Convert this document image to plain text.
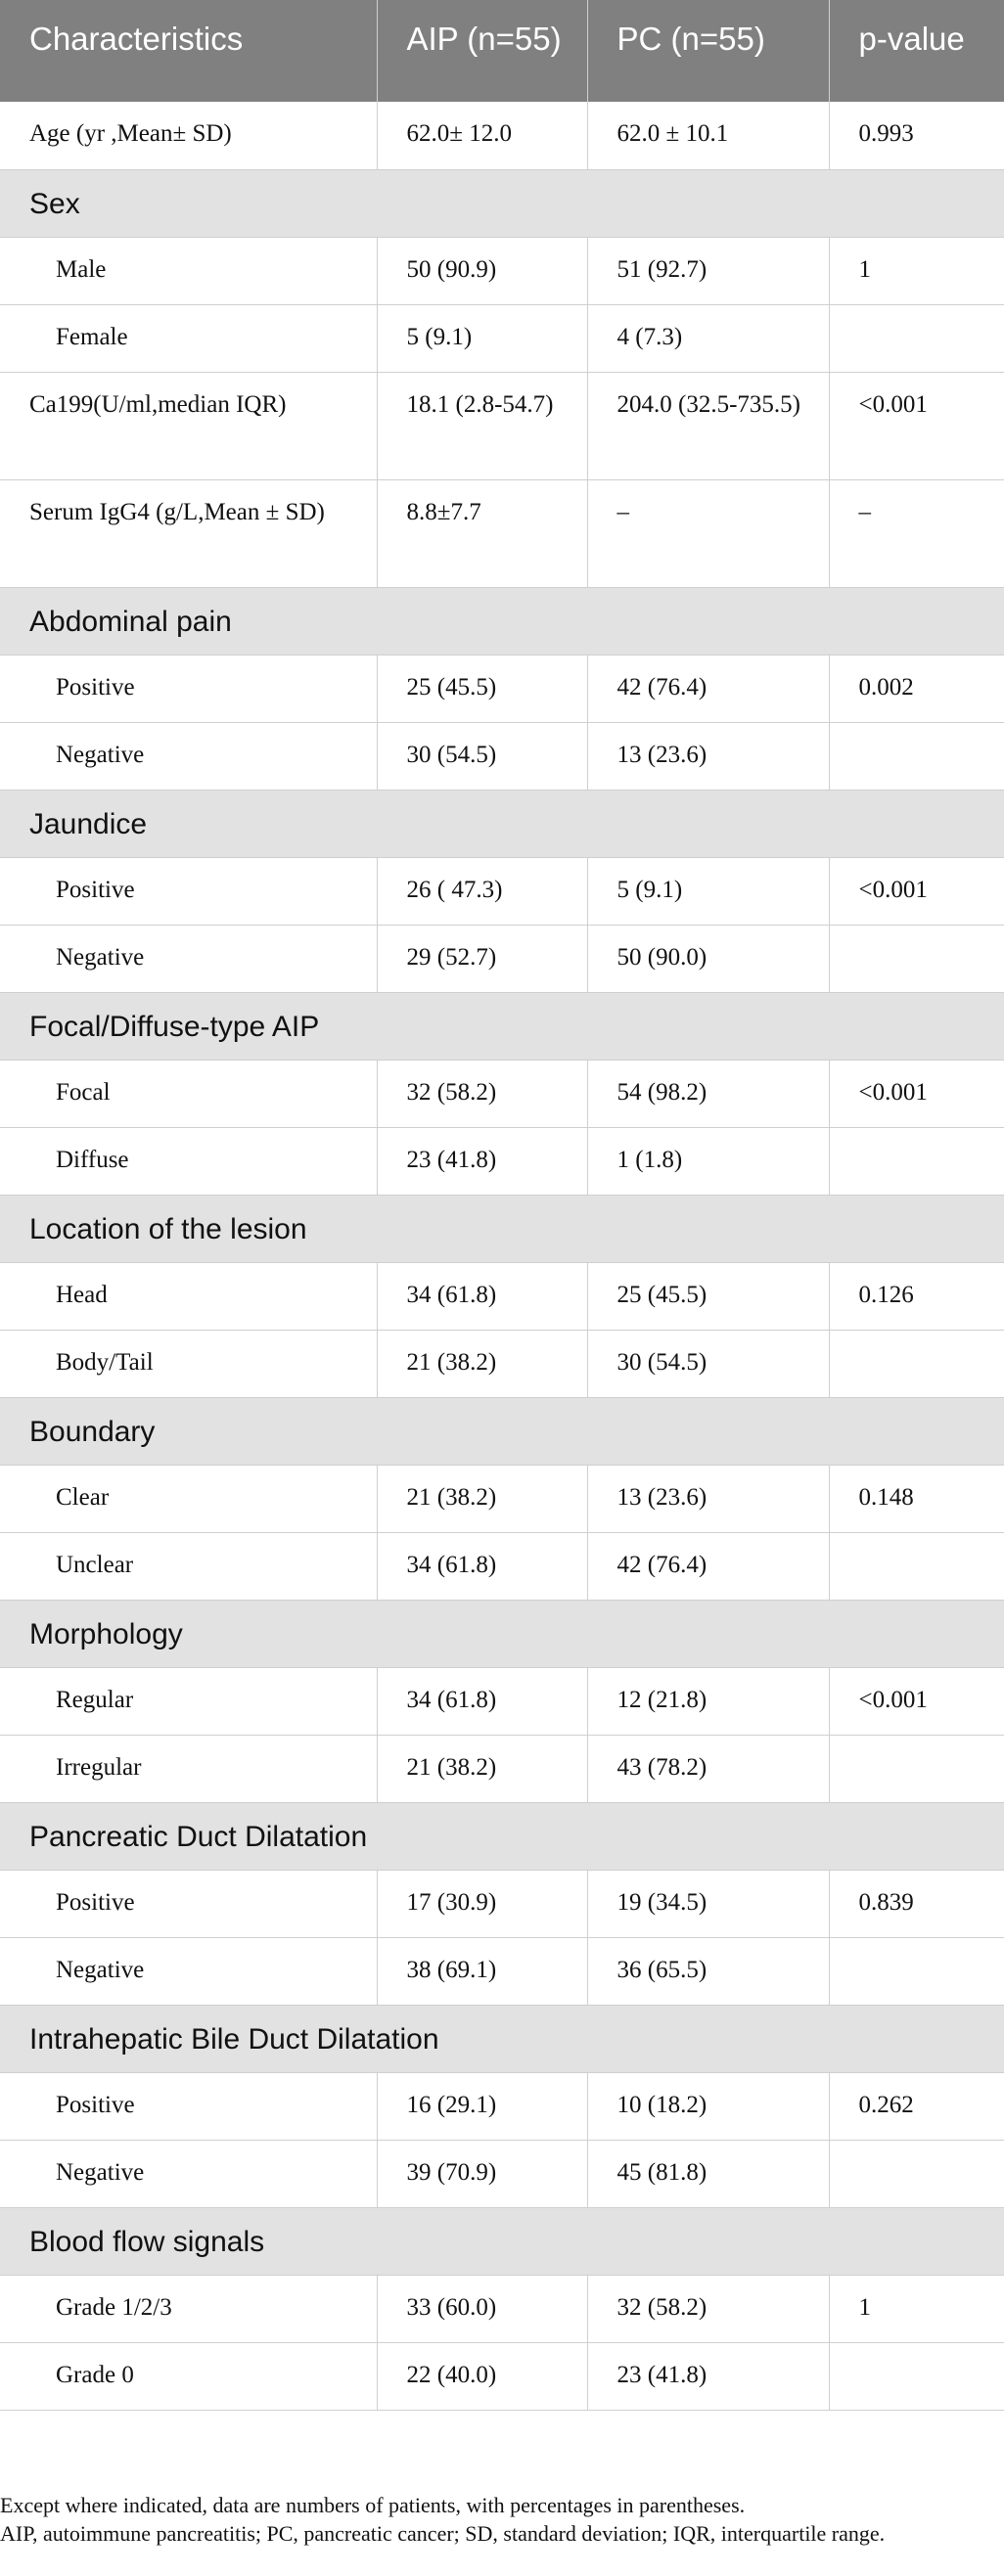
Characteristics	AIP (n=55)	PC (n=55)	p-value
Age (yr ,Mean± SD)	62.0± 12.0	62.0 ± 10.1	0.993
Sex			
Male	50 (90.9)	51 (92.7)	1
Female	5 (9.1)	4 (7.3)	
Ca199(U/ml,median IQR)	18.1 (2.8-54.7)	204.0 (32.5-735.5)	<0.001
Serum IgG4 (g/L,Mean ± SD)	8.8±7.7	–	–
Abdominal pain			
Positive	25 (45.5)	42 (76.4)	0.002
Negative	30 (54.5)	13 (23.6)	
Jaundice			
Positive	26 ( 47.3)	5 (9.1)	<0.001
Negative	29 (52.7)	50 (90.0)	
Focal/Diffuse-type AIP			
Focal	32 (58.2)	54 (98.2)	<0.001
Diffuse	23 (41.8)	1 (1.8)	
Location of the lesion			
Head	34 (61.8)	25 (45.5)	0.126
Body/Tail	21 (38.2)	30 (54.5)	
Boundary			
Clear	21 (38.2)	13 (23.6)	0.148
Unclear	34 (61.8)	42 (76.4)	
Morphology			
Regular	34 (61.8)	12 (21.8)	<0.001
Irregular	21 (38.2)	43 (78.2)	
Pancreatic Duct Dilatation			
Positive	17 (30.9)	19 (34.5)	0.839
Negative	38 (69.1)	36 (65.5)	
Intrahepatic Bile Duct Dilatation			
Positive	16 (29.1)	10 (18.2)	0.262
Negative	39 (70.9)	45 (81.8)	
Blood flow signals			
Grade 1/2/3	33 (60.0)	32 (58.2)	1
Grade 0	22 (40.0)	23 (41.8)	

Except where indicated, data are numbers of patients, with percentages in parentheses.

AIP, autoimmune pancreatitis; PC, pancreatic cancer; SD, standard deviation; IQR, interquartile range.
